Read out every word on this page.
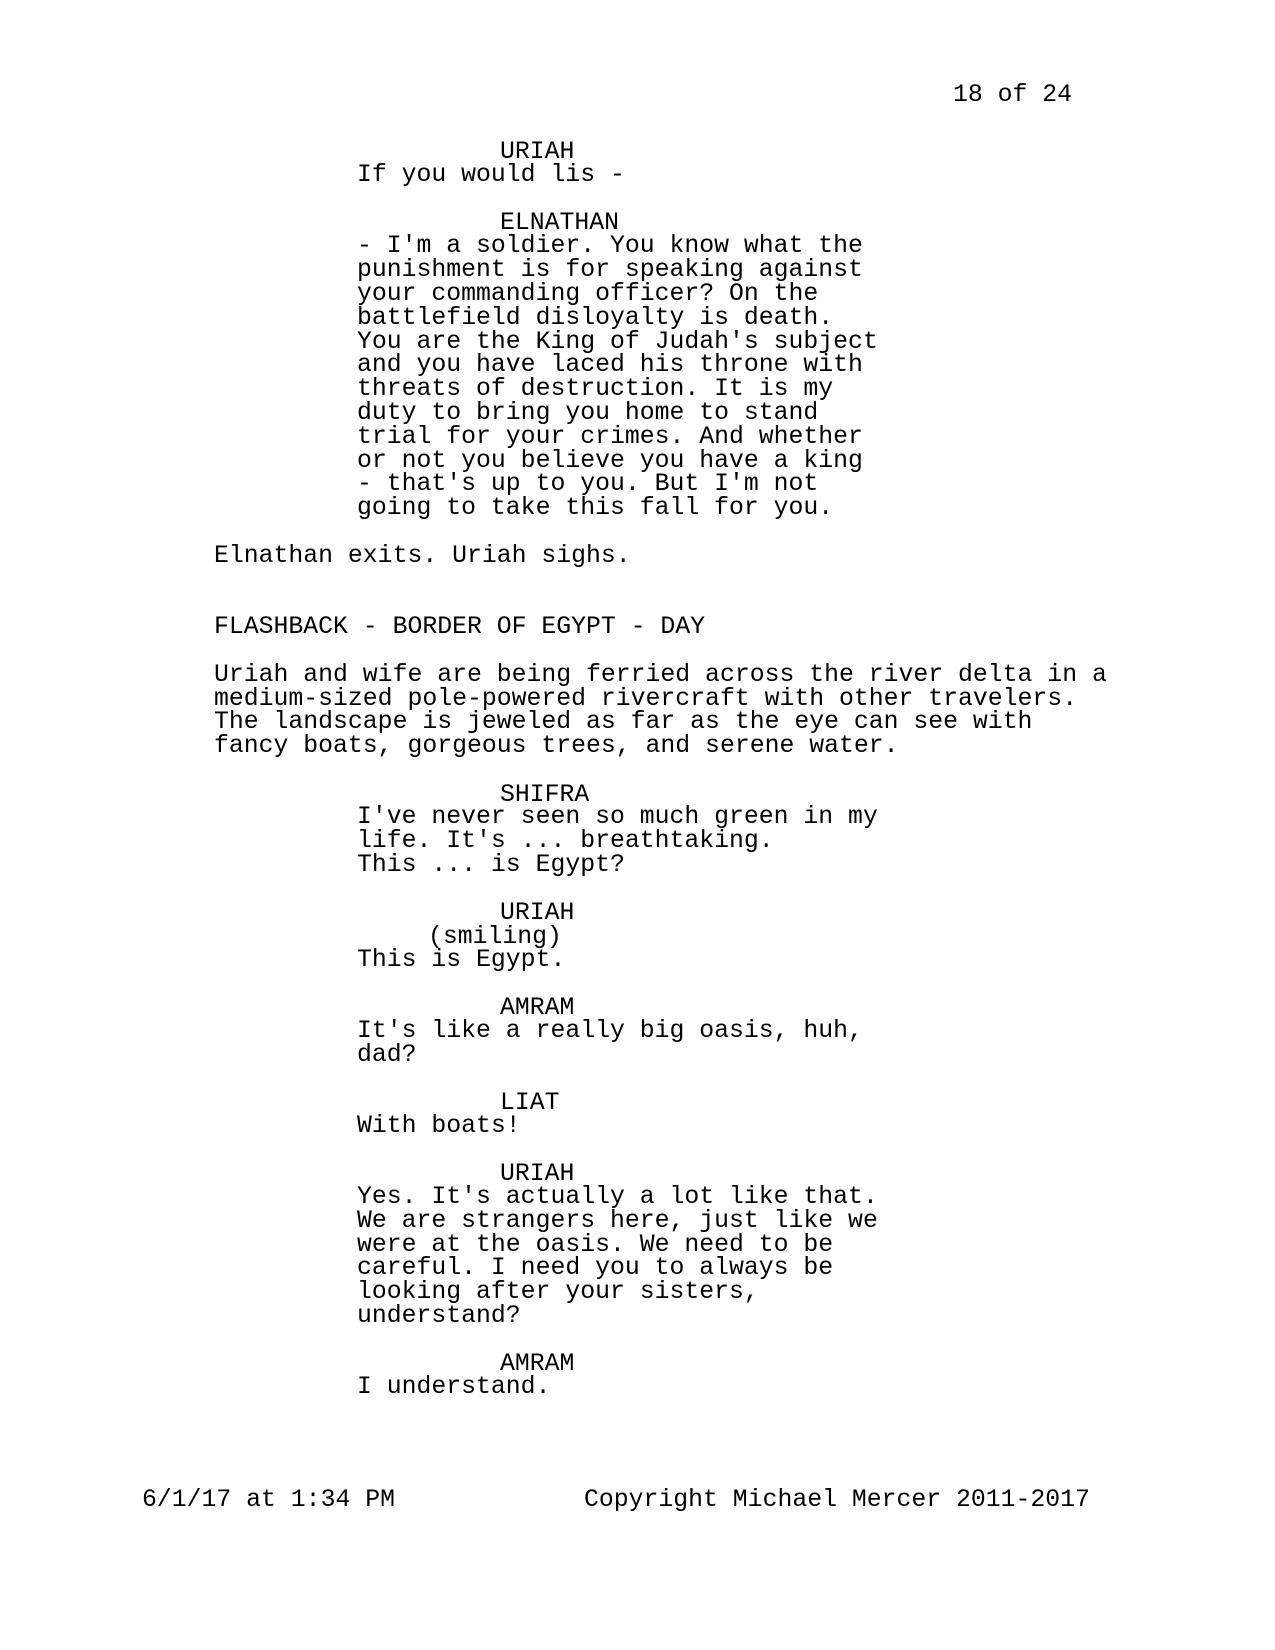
18 of 24
URIAH
If you would lis -
ELNATHAN
- I'm a soldier. You know what the
punishment is for speaking against
your commanding officer? On the
battlefield disloyalty is death.
You are the King of Judah's subject
and you have laced his throne with
threats of destruction. It is my
duty to bring you home to stand
trial for your crimes. And whether
or not you believe you have a king
- that's up to you. But I'm not
going to take this fall for you.
Elnathan exits. Uriah sighs.
FLASHBACK - BORDER OF EGYPT - DAY
Uriah and wife are being ferried across the river delta in a
medium-sized pole-powered rivercraft with other travelers.
The landscape is jeweled as far as the eye can see with
fancy boats, gorgeous trees, and serene water.
SHIFRA
I've never seen so much green in my
life. It's ... breathtaking.
This ... is Egypt?
URIAH
(smiling)
This is Egypt.
AMRAM
It's like a really big oasis, huh,
dad?
LIAT
With boats!
URIAH
Yes. It's actually a lot like that.
We are strangers here, just like we
were at the oasis. We need to be
careful. I need you to always be
looking after your sisters,
understand?
AMRAM
I understand.
6/1/17 at 1:34 PM	Copyright Michael Mercer 2011-2017
